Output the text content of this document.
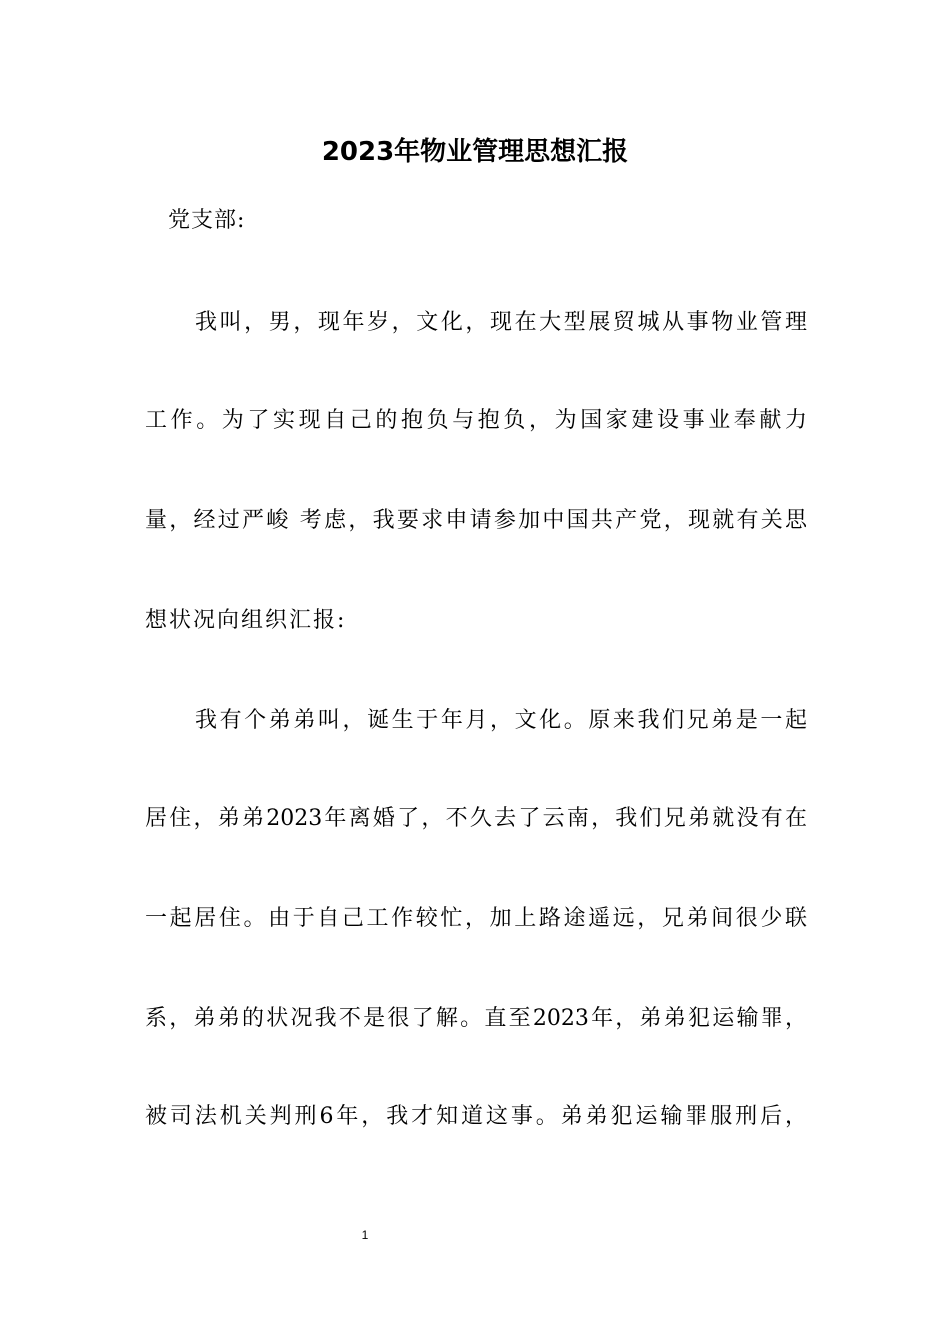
2023年物业管理思想汇报

党支部:

我叫，男，现年岁，文化，现在大型展贸城从事物业管理

工作。为了实现自己的抱负与抱负，为国家建设事业奉献力

量，经过严峻 考虑，我要求申请参加中国共产党，现就有关思

想状况向组织汇报:

我有个弟弟叫，诞生于年月，文化。原来我们兄弟是一起

居住，弟弟2023年离婚了，不久去了云南，我们兄弟就没有在

一起居住。由于自己工作较忙，加上路途遥远，兄弟间很少联

系，弟弟的状况我不是很了解。直至2023年，弟弟犯运输罪，

被司法机关判刑6年，我才知道这事。弟弟犯运输罪服刑后，

1
